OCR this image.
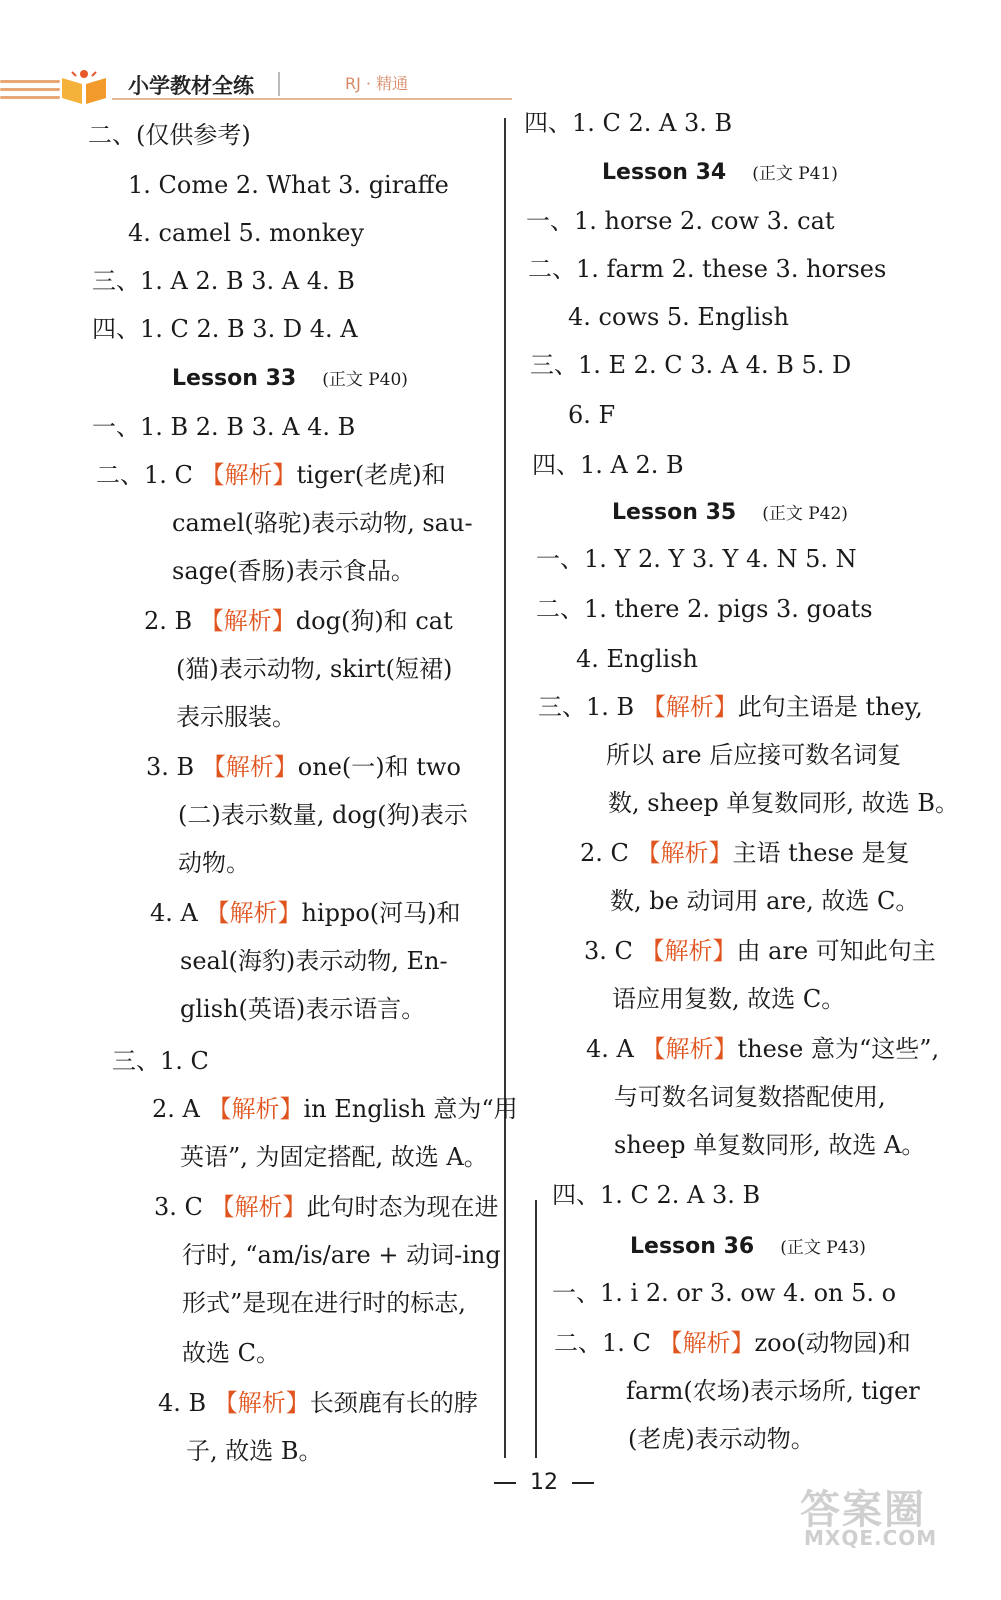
小学教材全练	RJ · 精通
二、(仅供参考)
1. Come 2. What 3. giraffe
4. camel 5. monkey
三、1. A 2. B 3. A 4. B
四、1. C 2. B 3. D 4. A
一、1. B 2. B 3. A 4. B
二、1. C 【解析】tiger(老虎)和
camel(骆驼)表示动物, sau-
sage(香肠)表示食品。
2. B 【解析】dog(狗)和 cat
(猫)表示动物, skirt(短裙)
表示服装。
3. B 【解析】one(一)和 two
(二)表示数量, dog(狗)表示
动物。
4. A 【解析】hippo(河马)和
seal(海豹)表示动物, En-
glish(英语)表示语言。
三、1. C
2. A 【解析】in English 意为“用
英语”, 为固定搭配, 故选 A。
3. C 【解析】此句时态为现在进
行时, “am/is/are + 动词-ing
形式”是现在进行时的标志,
故选 C。
4. B 【解析】长颈鹿有长的脖
子, 故选 B。
四、1. C 2. A 3. B
一、1. horse 2. cow 3. cat
二、1. farm 2. these 3. horses
4. cows 5. English
三、1. E 2. C 3. A 4. B 5. D
6. F
四、1. A 2. B
一、1. Y 2. Y 3. Y 4. N 5. N
二、1. there 2. pigs 3. goats
4. English
三、1. B 【解析】此句主语是 they,
所以 are 后应接可数名词复
数, sheep 单复数同形, 故选 B。
2. C 【解析】主语 these 是复
数, be 动词用 are, 故选 C。
3. C 【解析】由 are 可知此句主
语应用复数, 故选 C。
4. A 【解析】these 意为“这些”,
与可数名词复数搭配使用,
sheep 单复数同形, 故选 A。
四、1. C 2. A 3. B
一、1. i 2. or 3. ow 4. on 5. o
二、1. C 【解析】zoo(动物园)和
farm(农场)表示场所, tiger
(老虎)表示动物。
Lesson 33 (正文 P40)
Lesson 34 (正文 P41)
Lesson 35 (正文 P42)
Lesson 36 (正文 P43)
12
答案圈
MXQE.COM
